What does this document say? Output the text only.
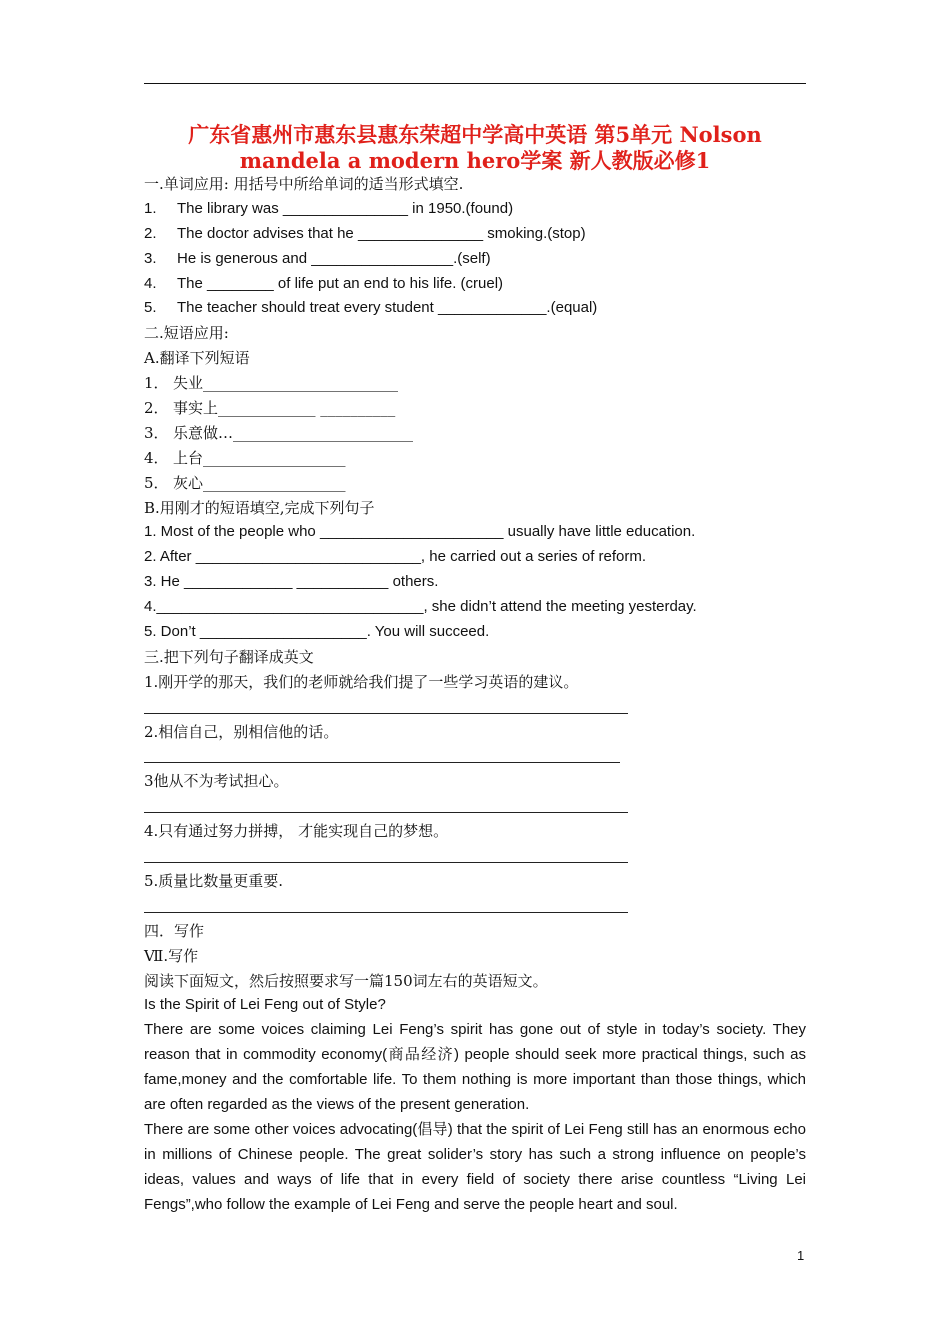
广东省惠州市惠东县惠东荣超中学高中英语 第5单元 Nolson
mandela a modern hero学案 新人教版必修1
一.单词应用: 用括号中所给单词的适当形式填空.
1. The library was _______________ in 1950.(found)
2. The doctor advises that he _______________ smoking.(stop)
3. He is generous and _________________.(self)
4. The ________ of life put an end to his life. (cruel)
5. The teacher should treat every student _____________.(equal)
二.短语应用:
A.翻译下列短语
1． 失业__________________________
2． 事实上_____________ __________
3． 乐意做…________________________
4． 上台___________________
5． 灰心___________________
B.用刚才的短语填空,完成下列句子
1. Most of the people who ______________________ usually have little education.
2. After ___________________________, he carried out a series of reform.
3. He _____________ ___________ others.
4.________________________________, she didn’t attend the meeting yesterday.
5. Don’t ____________________. You will succeed.
三.把下列句子翻译成英文
1.刚开学的那天，我们的老师就给我们提了一些学习英语的建议。
2.相信自己，别相信他的话。
3他从不为考试担心。
4.只有通过努力拼搏， 才能实现自己的梦想。
5.质量比数量更重要.
四．写作
Ⅶ.写作
阅读下面短文，然后按照要求写一篇150词左右的英语短文。
Is the Spirit of Lei Feng out of Style?
There are some voices claiming Lei Feng’s spirit has gone out of style in today’s society. They reason that in commodity economy(商品经济) people should seek more practical things, such as fame,money and the comfortable life. To them nothing is more important than those things, which are often regarded as the views of the present generation.
There are some other voices advocating(倡导) that the spirit of Lei Feng still has an enormous echo in millions of Chinese people. The great solider’s story has such a strong influence on people’s ideas, values and ways of life that in every field of society there arise countless “Living Lei Fengs”,who follow the example of Lei Feng and serve the people heart and soul.
1
